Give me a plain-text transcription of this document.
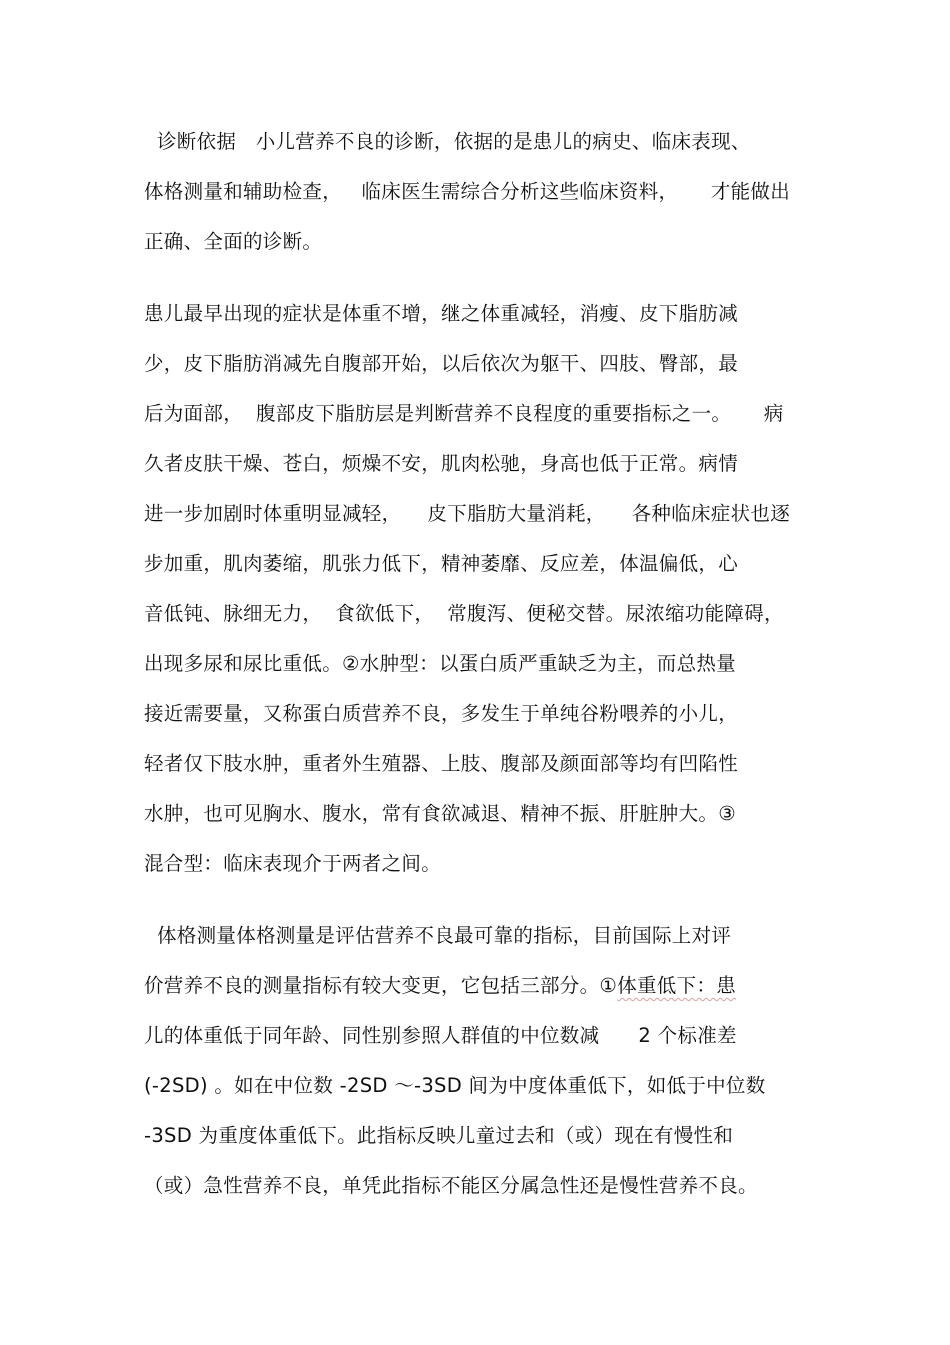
诊断依据   小儿营养不良的诊断，依据的是患儿的病史、临床表现、
体格测量和辅助检查，   临床医生需综合分析这些临床资料，     才能做出
正确、全面的诊断。
患儿最早出现的症状是体重不增，继之体重减轻，消瘦、皮下脂肪减
少，皮下脂肪消减先自腹部开始，以后依次为躯干、四肢、臀部，最
后为面部，  腹部皮下脂肪层是判断营养不良程度的重要指标之一。     病
久者皮肤干燥、苍白，烦燥不安，肌肉松驰，身高也低于正常。病情
进一步加剧时体重明显减轻，    皮下脂肪大量消耗，    各种临床症状也逐
步加重，肌肉萎缩，肌张力低下，精神萎靡、反应差，体温偏低，心
音低钝、脉细无力，  食欲低下，  常腹泻、便秘交替。尿浓缩功能障碍，
出现多尿和尿比重低。②水肿型：以蛋白质严重缺乏为主，而总热量
接近需要量，又称蛋白质营养不良，多发生于单纯谷粉喂养的小儿，
轻者仅下肢水肿，重者外生殖器、上肢、腹部及颜面部等均有凹陷性
水肿，也可见胸水、腹水，常有食欲减退、精神不振、肝脏肿大。③
混合型：临床表现介于两者之间。
体格测量体格测量是评估营养不良最可靠的指标，目前国际上对评
价营养不良的测量指标有较大变更，它包括三部分。①体重低下：患
儿的体重低于同年龄、同性别参照人群值的中位数减      2 个标准差
(-2SD) 。如在中位数 -2SD ～-3SD 间为中度体重低下，如低于中位数
-3SD 为重度体重低下。此指标反映儿童过去和（或）现在有慢性和
（或）急性营养不良，单凭此指标不能区分属急性还是慢性营养不良。
